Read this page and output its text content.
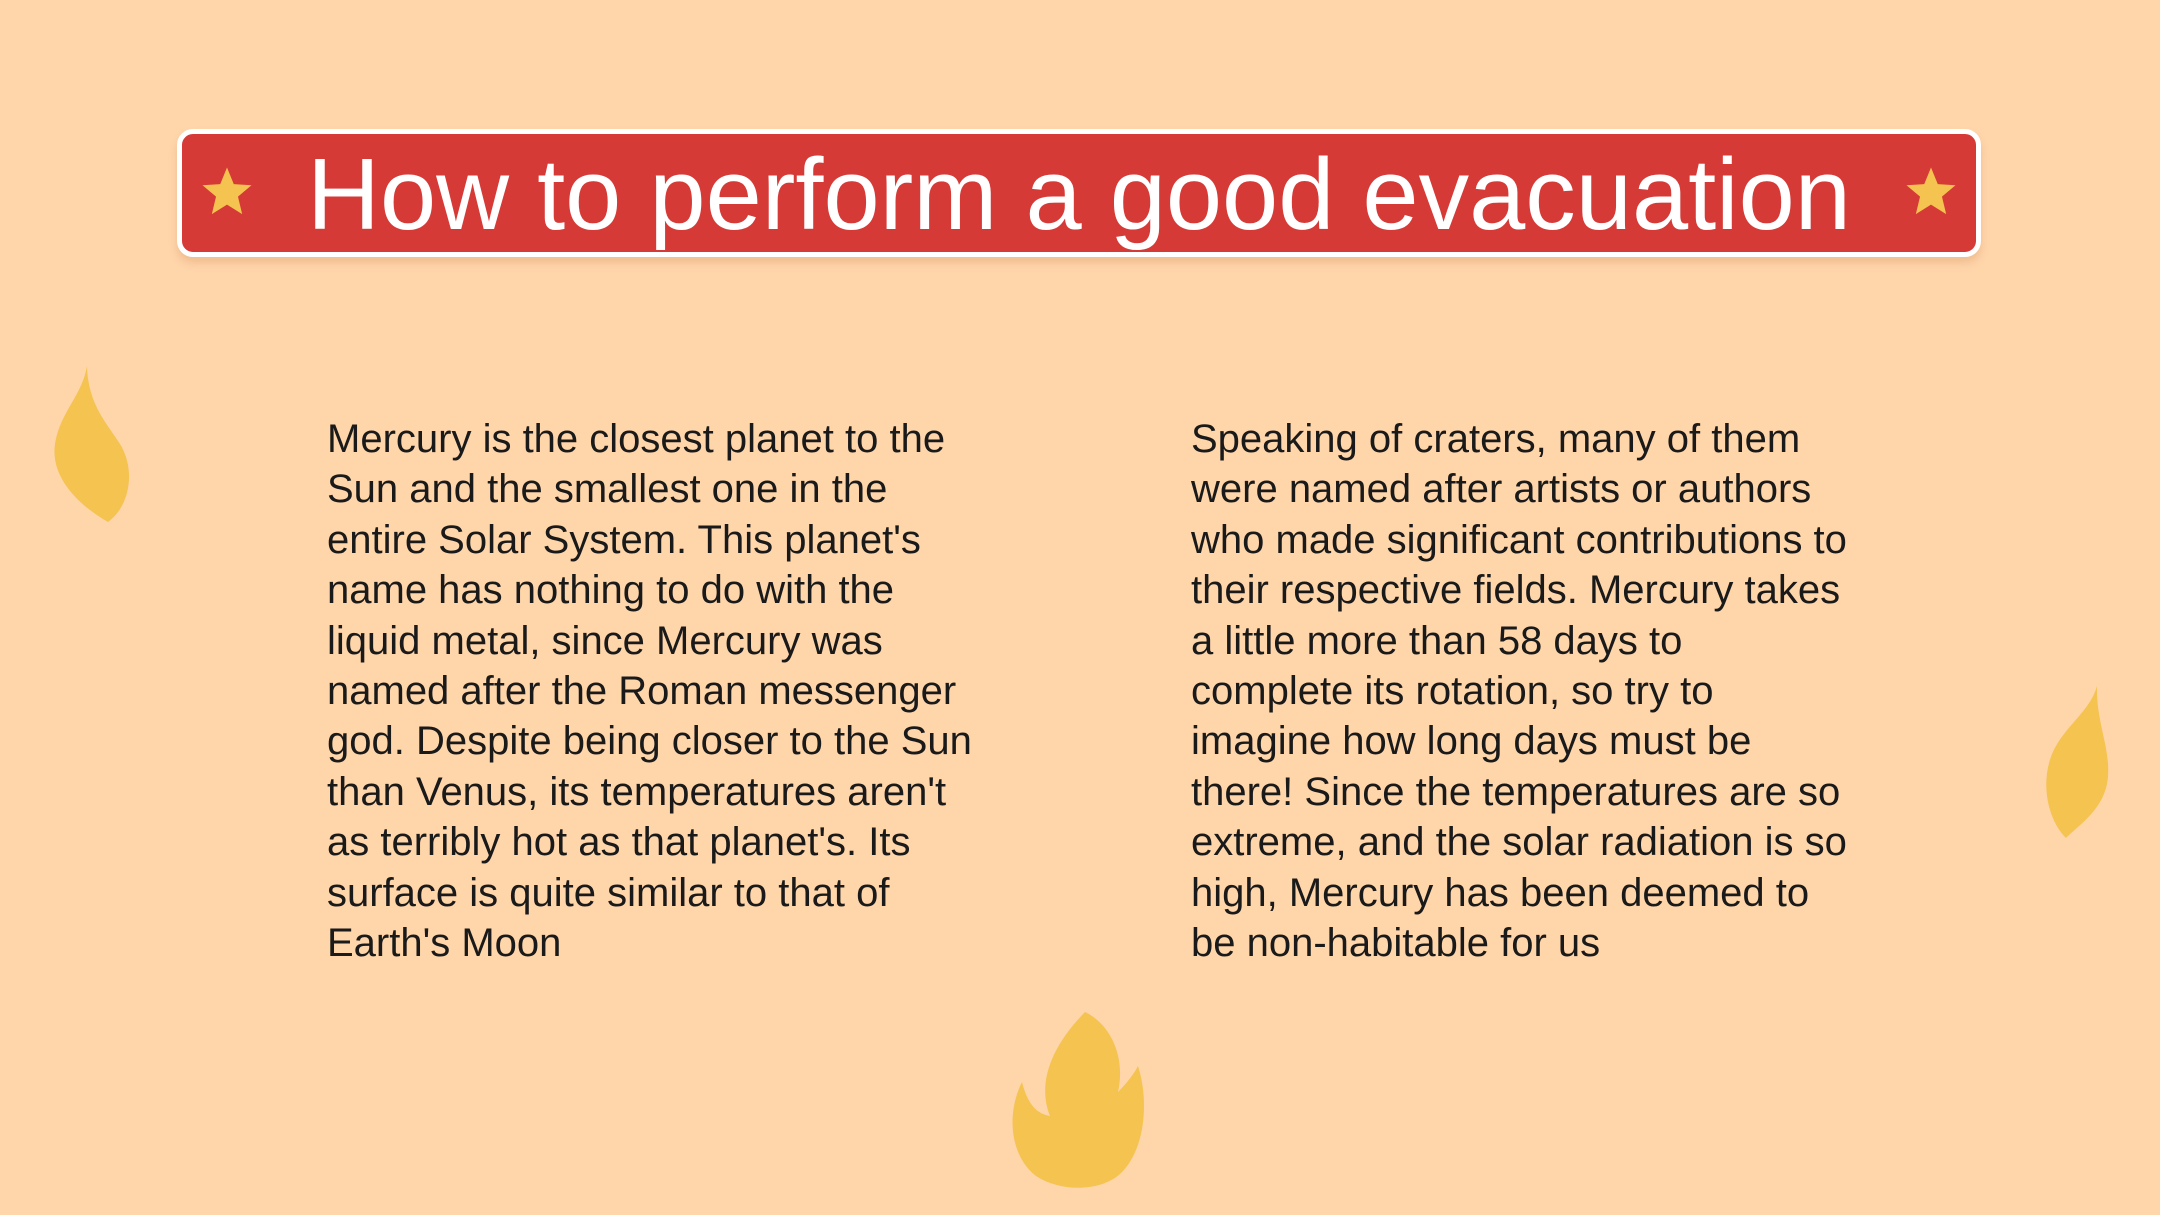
How to perform a good evacuation

Mercury is the closest planet to the Sun and the smallest one in the entire Solar System. This planet's name has nothing to do with the liquid metal, since Mercury was named after the Roman messenger god. Despite being closer to the Sun than Venus, its temperatures aren't as terribly hot as that planet's. Its surface is quite similar to that of Earth's Moon

Speaking of craters, many of them were named after artists or authors who made significant contributions to their respective fields. Mercury takes a little more than 58 days to complete its rotation, so try to imagine how long days must be there! Since the temperatures are so extreme, and the solar radiation is so high, Mercury has been deemed to be non-habitable for us
